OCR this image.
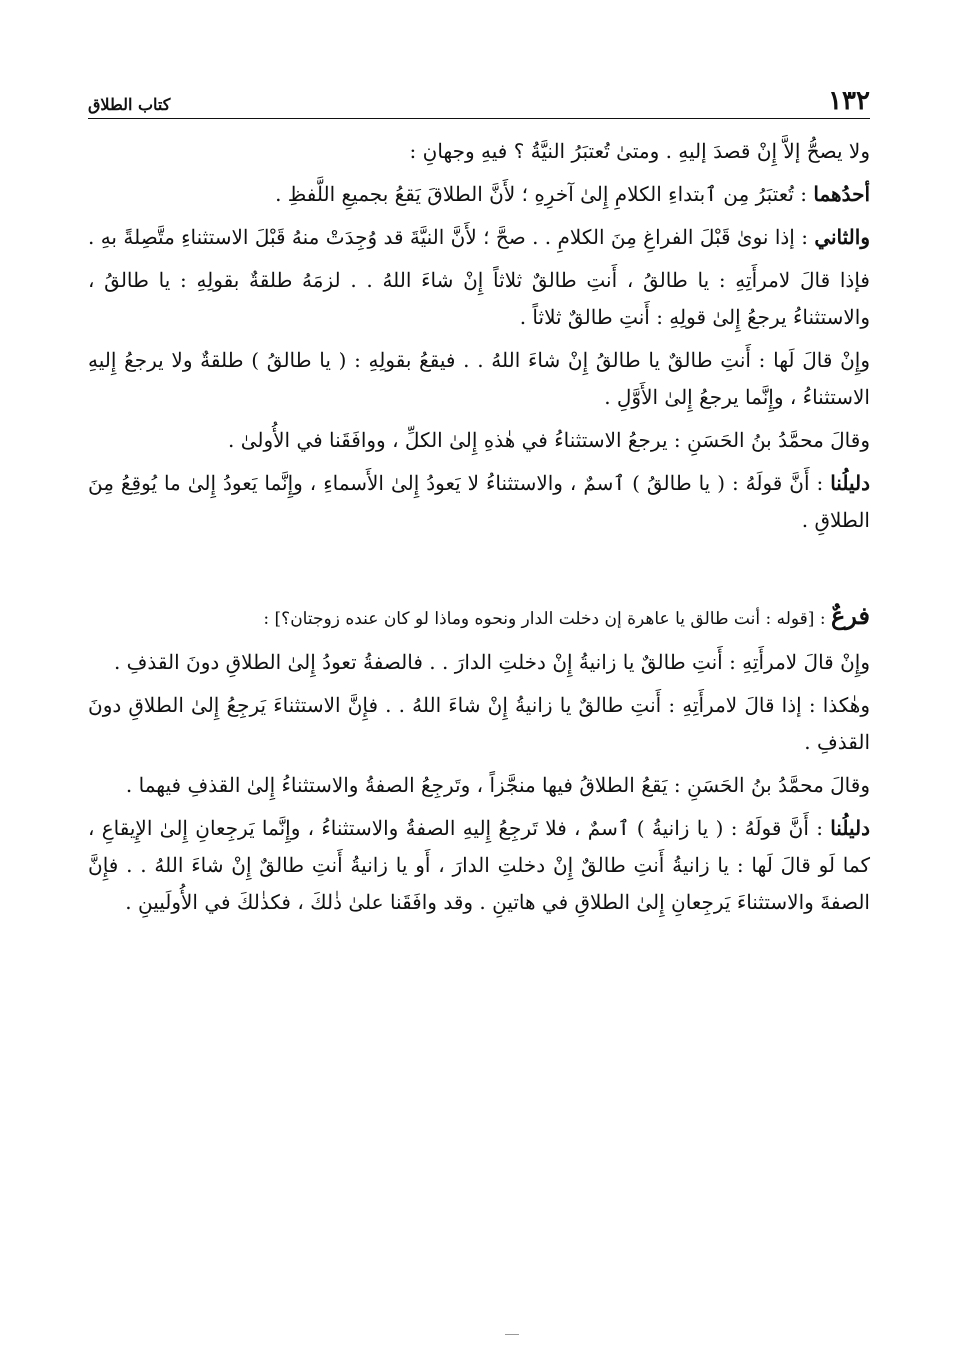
١٣٢
كتاب الطلاق

ولا يصحُّ إلاَّ إِنْ قصدَ إليهِ . ومتىٰ تُعتبَرُ النيَّةُ ؟ فيهِ وجهانِ :

أحدُهما : تُعتبَرُ مِن ٱبتداءِ الكلامِ إِلىٰ آخرِهِ ؛ لأَنَّ الطلاقَ يَقعُ بجميعِ اللَّفظِ .

والثاني : إذا نوىٰ قَبْلَ الفراغِ مِنَ الكلامِ . . صحَّ ؛ لأَنَّ النيَّةَ قد وُجِدَتْ منهُ قَبْلَ الاستثناءِ متَّصِلةً بهِ .

فإذا قالَ لامرأَتِهِ : يا طالقُ ، أَنتِ طالقٌ ثلاثاً إِنْ شاءَ اللهُ . . لزمَهُ طلقةٌ بقولِهِ : يا طالقُ ، والاستثناءُ يرجعُ إِلىٰ قولِهِ : أَنتِ طالقٌ ثلاثاً .

وإِنْ قالَ لَها : أَنتِ طالقٌ يا طالقُ إِنْ شاءَ اللهُ . . فيقعُ بقولِهِ : ( يا طالقُ ) طلقةٌ ولا يرجعُ إِليهِ الاستثناءُ ، وإِنَّما يرجعُ إِلىٰ الأَوَّلِ .

وقالَ محمَّدُ بنُ الحَسَنِ : يرجعُ الاستثناءُ في هٰذهِ إِلىٰ الكلِّ ، ووافَقَنا في الأُولىٰ .

دليلُنا : أَنَّ قولَهُ : ( يا طالقُ ) ٱسمٌ ، والاستثناءُ لا يَعودُ إِلىٰ الأَسماءِ ، وإِنَّما يَعودُ إِلىٰ ما يُوقِعُ مِنَ الطلاقِ .

فرعٌ : [قوله : أنت طالق يا عاهرة إن دخلت الدار ونحوه وماذا لو كان عنده زوجتان؟] :

وإِنْ قالَ لامرأَتِهِ : أَنتِ طالقٌ يا زانيةُ إِنْ دخلتِ الدارَ . . فالصفةُ تعودُ إِلىٰ الطلاقِ دونَ القذفِ .

وهٰكذا : إذا قالَ لامرأَتِهِ : أَنتِ طالقٌ يا زانيةُ إِنْ شاءَ اللهُ . . فإِنَّ الاستثناءَ يَرجِعُ إِلىٰ الطلاقِ دونَ القذفِ .

وقالَ محمَّدُ بنُ الحَسَنِ : يَقعُ الطلاقُ فيها منجَّزاً ، وتَرجِعُ الصفةُ والاستثناءُ إِلىٰ القذفِ فيهما .

دليلُنا : أَنَّ قولَهُ : ( يا زانيةُ ) ٱسمٌ ، فلا تَرجِعُ إِليهِ الصفةُ والاستثناءُ ، وإِنَّما يَرجِعانِ إِلىٰ الإِيقاعِ ، كما لَو قالَ لَها : يا زانيةُ أَنتِ طالقٌ إِنْ دخلتِ الدارَ ، أَو يا زانيةُ أَنتِ طالقٌ إِنْ شاءَ اللهُ . . فإِنَّ الصفةَ والاستثناءَ يَرجِعانِ إِلىٰ الطلاقِ في هاتينِ . وقد وافَقَنا علىٰ ذٰلكَ ، فكذٰلكَ في الأُولَيينِ .
